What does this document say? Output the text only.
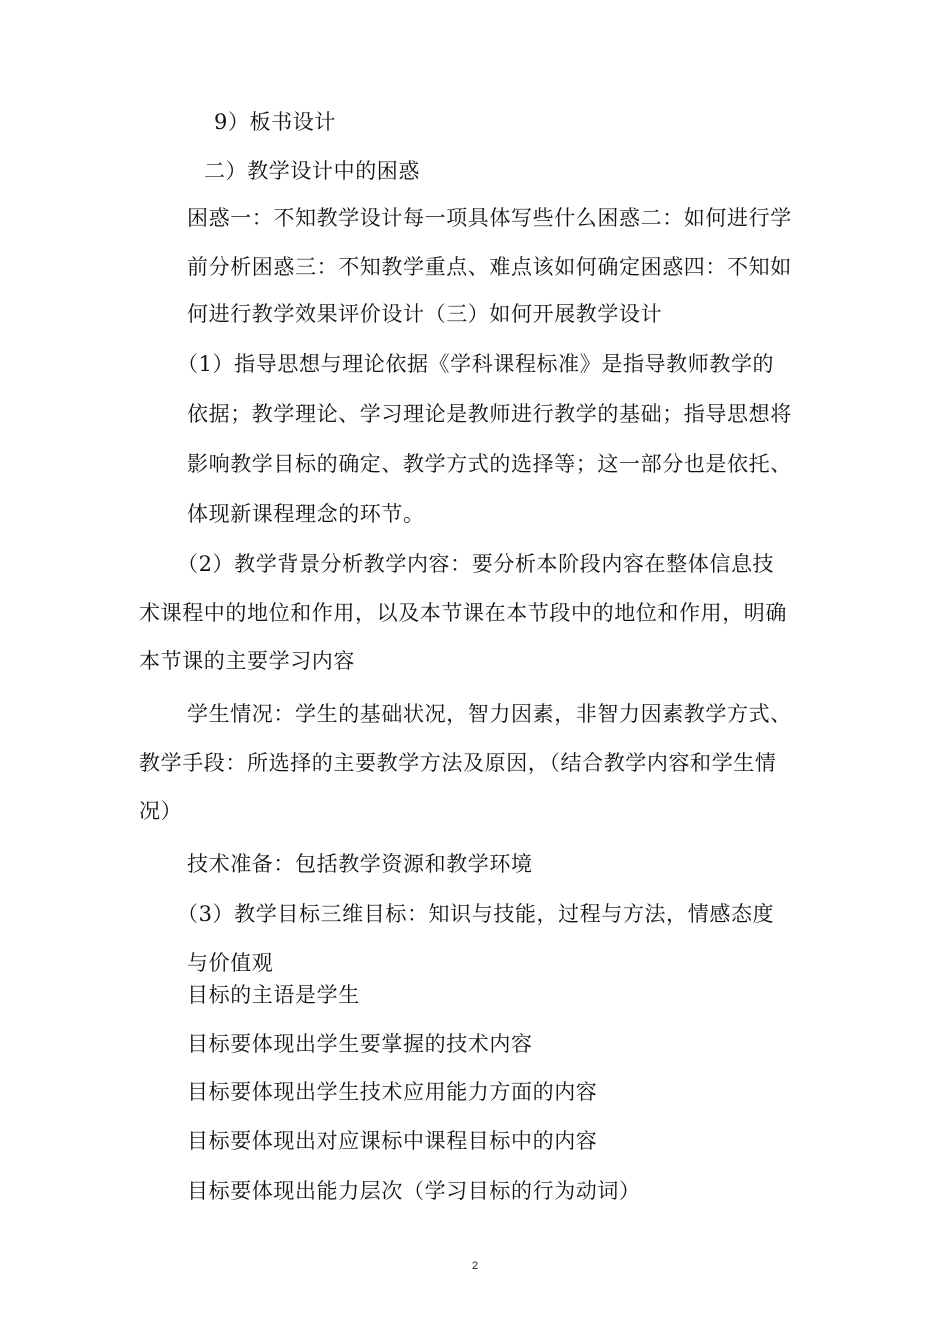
9）板书设计
二）教学设计中的困惑
困惑一：不知教学设计每一项具体写些什么困惑二：如何进行学
前分析困惑三：不知教学重点、难点该如何确定困惑四：不知如
何进行教学效果评价设计（三）如何开展教学设计
（1）指导思想与理论依据《学科课程标准》是指导教师教学的
依据；教学理论、学习理论是教师进行教学的基础；指导思想将
影响教学目标的确定、教学方式的选择等；这一部分也是依托、
体现新课程理念的环节。
（2）教学背景分析教学内容：要分析本阶段内容在整体信息技
术课程中的地位和作用，以及本节课在本节段中的地位和作用，明确
本节课的主要学习内容
学生情况：学生的基础状况，智力因素，非智力因素教学方式、
教学手段：所选择的主要教学方法及原因，（结合教学内容和学生情
况）
技术准备：包括教学资源和教学环境
（3）教学目标三维目标：知识与技能，过程与方法，情感态度
与价值观
目标的主语是学生
目标要体现出学生要掌握的技术内容
目标要体现出学生技术应用能力方面的内容
目标要体现出对应课标中课程目标中的内容
目标要体现出能力层次（学习目标的行为动词）
2
